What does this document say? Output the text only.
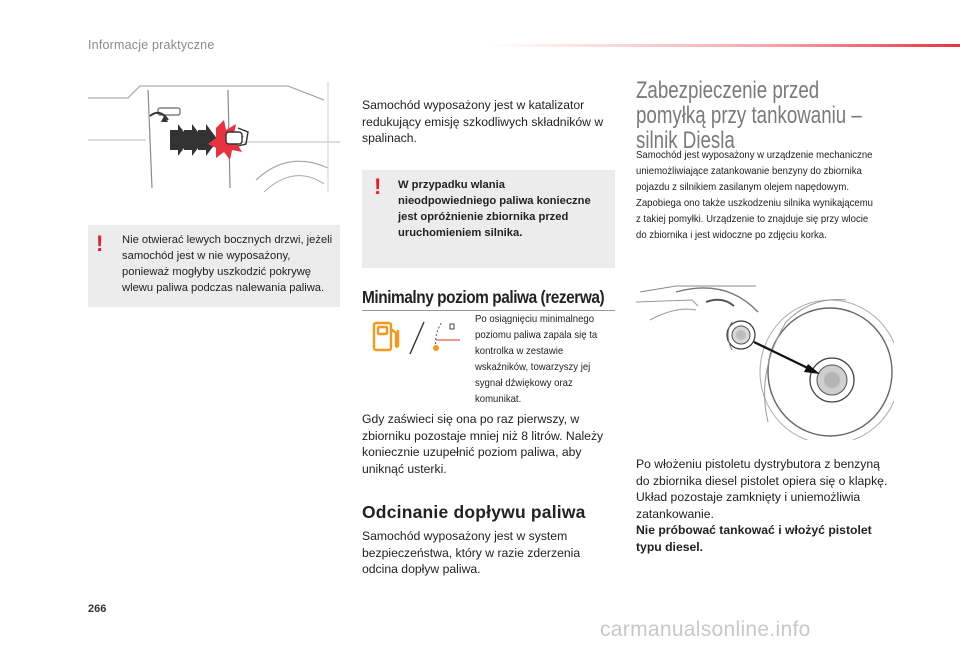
Informacje praktyczne
! Nie otwierać lewych bocznych drzwi, jeżeli samochód jest w nie wyposażony, ponieważ mogłyby uszkodzić pokrywę wlewu paliwa podczas nalewania paliwa.
Samochód wyposażony jest w katalizator redukujący emisję szkodliwych składników w spalinach.
! W przypadku wlania nieodpowiedniego paliwa konieczne jest opróżnienie zbiornika przed uruchomieniem silnika.
Minimalny poziom paliwa (rezerwa)
Po osiągnięciu minimalnego poziomu paliwa zapala się ta kontrolka w zestawie wskaźników, towarzyszy jej sygnał dźwiękowy oraz komunikat.
Gdy zaświeci się ona po raz pierwszy, w zbiorniku pozostaje mniej niż 8 litrów. Należy koniecznie uzupełnić poziom paliwa, aby uniknąć usterki.
Odcinanie dopływu paliwa
Samochód wyposażony jest w system bezpieczeństwa, który w razie zderzenia odcina dopływ paliwa.
Zabezpieczenie przed pomyłką przy tankowaniu – silnik Diesla
Samochód jest wyposażony w urządzenie mechaniczne uniemożliwiające zatankowanie benzyny do zbiornika pojazdu z silnikiem zasilanym olejem napędowym. Zapobiega ono także uszkodzeniu silnika wynikającemu z takiej pomyłki. Urządzenie to znajduje się przy wlocie do zbiornika i jest widoczne po zdjęciu korka.
Po włożeniu pistoletu dystrybutora z benzyną do zbiornika diesel pistolet opiera się o klapkę. Układ pozostaje zamknięty i uniemożliwia zatankowanie.
Nie próbować tankować i włożyć pistolet typu diesel.
266
carmanualsonline.info
